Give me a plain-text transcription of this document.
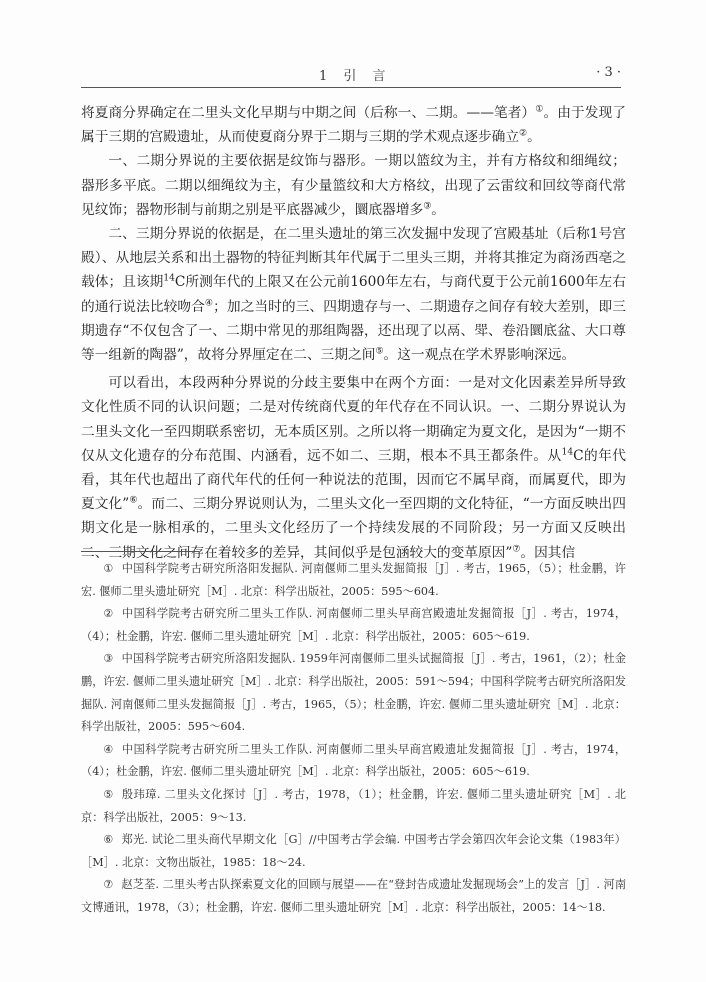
1 引 言	· 3 ·

将夏商分界确定在二里头文化早期与中期之间（后称一、二期。——笔者）①。由于发现了属于三期的宫殿遗址，从而使夏商分界于二期与三期的学术观点逐步确立②。

一、二期分界说的主要依据是纹饰与器形。一期以篮纹为主，并有方格纹和细绳纹；器形多平底。二期以细绳纹为主，有少量篮纹和大方格纹，出现了云雷纹和回纹等商代常见纹饰；器物形制与前期之别是平底器减少，圜底器增多③。

二、三期分界说的依据是，在二里头遗址的第三次发掘中发现了宫殿基址（后称1号宫殿）、从地层关系和出土器物的特征判断其年代属于二里头三期，并将其推定为商汤西亳之载体；且该期$^{14}$C所测年代的上限又在公元前1600年左右，与商代夏于公元前1600年左右的通行说法比较吻合④；加之当时的三、四期遗存与一、二期遗存之间存有较大差别，即三期遗存“不仅包含了一、二期中常见的那组陶器，还出现了以鬲、斝、卷沿圜底盆、大口尊等一组新的陶器”，故将分界厘定在二、三期之间⑤。这一观点在学术界影响深远。

可以看出，本段两种分界说的分歧主要集中在两个方面：一是对文化因素差异所导致文化性质不同的认识问题；二是对传统商代夏的年代存在不同认识。一、二期分界说认为二里头文化一至四期联系密切，无本质区别。之所以将一期确定为夏文化，是因为“一期不仅从文化遗存的分布范围、内涵看，远不如二、三期，根本不具王都条件。从$^{14}$C的年代看，其年代也超出了商代年代的任何一种说法的范围，因而它不属早商，而属夏代，即为夏文化”⑥。而二、三期分界说则认为，二里头文化一至四期的文化特征，“一方面反映出四期文化是一脉相承的，二里头文化经历了一个持续发展的不同阶段；另一方面又反映出二、三期文化之间存在着较多的差异，其间似乎是包涵较大的变革原因”⑦。因其信

① 中国科学院考古研究所洛阳发掘队. 河南偃师二里头发掘简报［J］. 考古，1965，（5）；杜金鹏，许宏. 偃师二里头遗址研究［M］. 北京：科学出版社，2005：595～604.

② 中国科学院考古研究所二里头工作队. 河南偃师二里头早商宫殿遗址发掘简报［J］. 考古，1974，（4）；杜金鹏，许宏. 偃师二里头遗址研究［M］. 北京：科学出版社，2005：605～619.

③ 中国科学院考古研究所洛阳发掘队. 1959年河南偃师二里头试掘简报［J］. 考古，1961，（2）；杜金鹏，许宏. 偃师二里头遗址研究［M］. 北京：科学出版社，2005：591～594；中国科学院考古研究所洛阳发掘队. 河南偃师二里头发掘简报［J］. 考古，1965，（5）；杜金鹏，许宏. 偃师二里头遗址研究［M］. 北京：科学出版社，2005：595～604.

④ 中国科学院考古研究所二里头工作队. 河南偃师二里头早商宫殿遗址发掘简报［J］. 考古，1974，（4）；杜金鹏，许宏. 偃师二里头遗址研究［M］. 北京：科学出版社，2005：605～619.

⑤ 殷玮璋. 二里头文化探讨［J］. 考古，1978，（1）；杜金鹏，许宏. 偃师二里头遗址研究［M］. 北京：科学出版社，2005：9～13.

⑥ 郑光. 试论二里头商代早期文化［G］//中国考古学会编. 中国考古学会第四次年会论文集（1983年）［M］. 北京：文物出版社，1985：18～24.

⑦ 赵芝荃. 二里头考古队探索夏文化的回顾与展望——在“登封告成遗址发掘现场会”上的发言［J］. 河南文博通讯，1978，（3）；杜金鹏，许宏. 偃师二里头遗址研究［M］. 北京：科学出版社，2005：14～18.
